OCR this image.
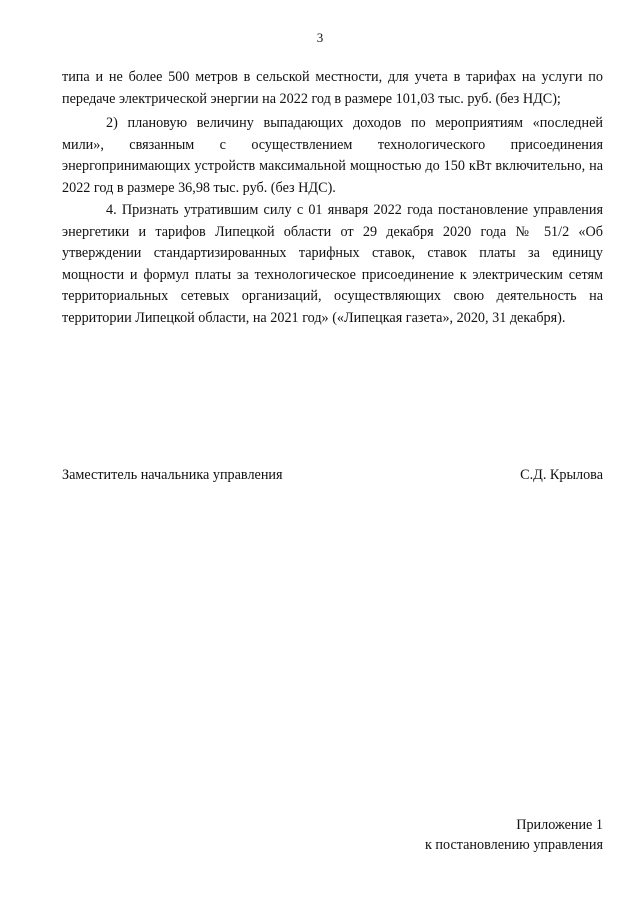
3
типа и не более 500 метров в сельской местности, для учета в тарифах на услуги по передаче электрической энергии на 2022 год в размере 101,03 тыс. руб. (без НДС);
2) плановую величину выпадающих доходов по мероприятиям «последней мили», связанным с осуществлением технологического присоединения энергопринимающих устройств максимальной мощностью до 150 кВт включительно, на 2022 год в размере 36,98 тыс. руб. (без НДС).
4. Признать утратившим силу с 01 января 2022 года постановление управления энергетики и тарифов Липецкой области от 29 декабря 2020 года № 51/2 «Об утверждении стандартизированных тарифных ставок, ставок платы за единицу мощности и формул платы за технологическое присоединение к электрическим сетям территориальных сетевых организаций, осуществляющих свою деятельность на территории Липецкой области, на 2021 год» («Липецкая газета», 2020, 31 декабря).
Заместитель начальника управления	С.Д. Крылова
Приложение 1
к постановлению управления
